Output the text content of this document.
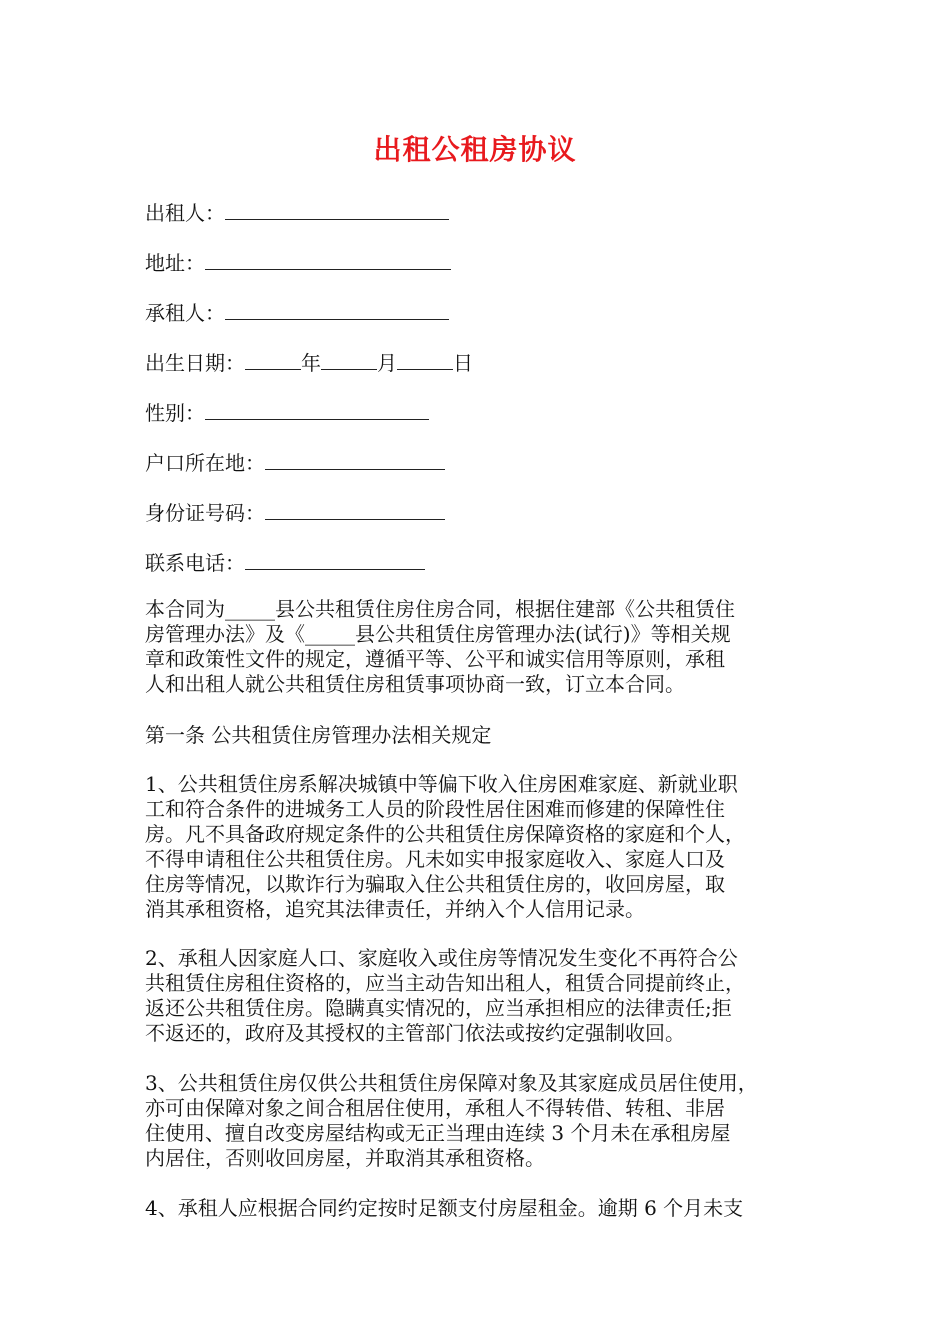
出租公租房协议
出租人：
地址：
承租人：
出生日期：	年	月	日
性别：
户口所在地：
身份证号码：
联系电话：
本合同为_____县公共租赁住房住房合同，根据住建部《公共租赁住
房管理办法》及《_____县公共租赁住房管理办法(试行)》等相关规
章和政策性文件的规定，遵循平等、公平和诚实信用等原则，承租
人和出租人就公共租赁住房租赁事项协商一致，订立本合同。
第一条 公共租赁住房管理办法相关规定
1、公共租赁住房系解决城镇中等偏下收入住房困难家庭、新就业职
工和符合条件的进城务工人员的阶段性居住困难而修建的保障性住
房。凡不具备政府规定条件的公共租赁住房保障资格的家庭和个人，
不得申请租住公共租赁住房。凡未如实申报家庭收入、家庭人口及
住房等情况，以欺诈行为骗取入住公共租赁住房的，收回房屋，取
消其承租资格，追究其法律责任，并纳入个人信用记录。
2、承租人因家庭人口、家庭收入或住房等情况发生变化不再符合公
共租赁住房租住资格的，应当主动告知出租人，租赁合同提前终止，
返还公共租赁住房。隐瞒真实情况的，应当承担相应的法律责任;拒
不返还的，政府及其授权的主管部门依法或按约定强制收回。
3、公共租赁住房仅供公共租赁住房保障对象及其家庭成员居住使用，
亦可由保障对象之间合租居住使用，承租人不得转借、转租、非居
住使用、擅自改变房屋结构或无正当理由连续 3 个月未在承租房屋
内居住，否则收回房屋，并取消其承租资格。
4、承租人应根据合同约定按时足额支付房屋租金。逾期 6 个月未支
